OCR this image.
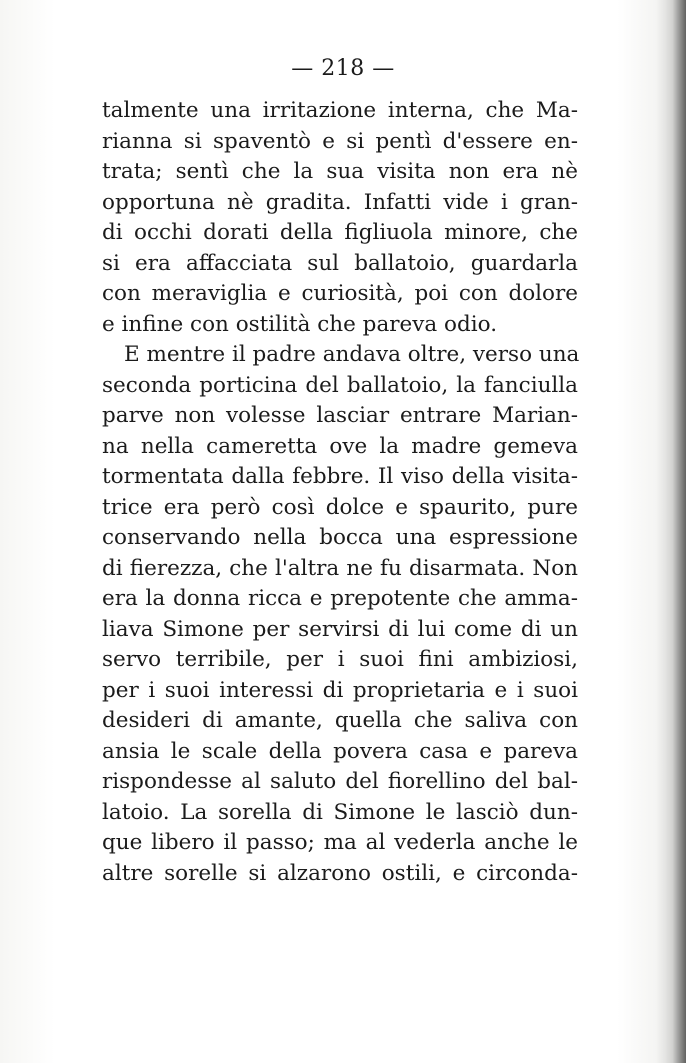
— 218 —
talmente una irritazione interna, che Ma-
rianna si spaventò e si pentì d'essere en-
trata; sentì che la sua visita non era nè
opportuna nè gradita. Infatti vide i gran-
di occhi dorati della figliuola minore, che
si era affacciata sul ballatoio, guardarla
con meraviglia e curiosità, poi con dolore
e infine con ostilità che pareva odio.
E mentre il padre andava oltre, verso una
seconda porticina del ballatoio, la fanciulla
parve non volesse lasciar entrare Marian-
na nella cameretta ove la madre gemeva
tormentata dalla febbre. Il viso della visita-
trice era però così dolce e spaurito, pure
conservando nella bocca una espressione
di fierezza, che l'altra ne fu disarmata. Non
era la donna ricca e prepotente che amma-
liava Simone per servirsi di lui come di un
servo terribile, per i suoi fini ambiziosi,
per i suoi interessi di proprietaria e i suoi
desideri di amante, quella che saliva con
ansia le scale della povera casa e pareva
rispondesse al saluto del fiorellino del bal-
latoio. La sorella di Simone le lasciò dun-
que libero il passo; ma al vederla anche le
altre sorelle si alzarono ostili, e circonda-
